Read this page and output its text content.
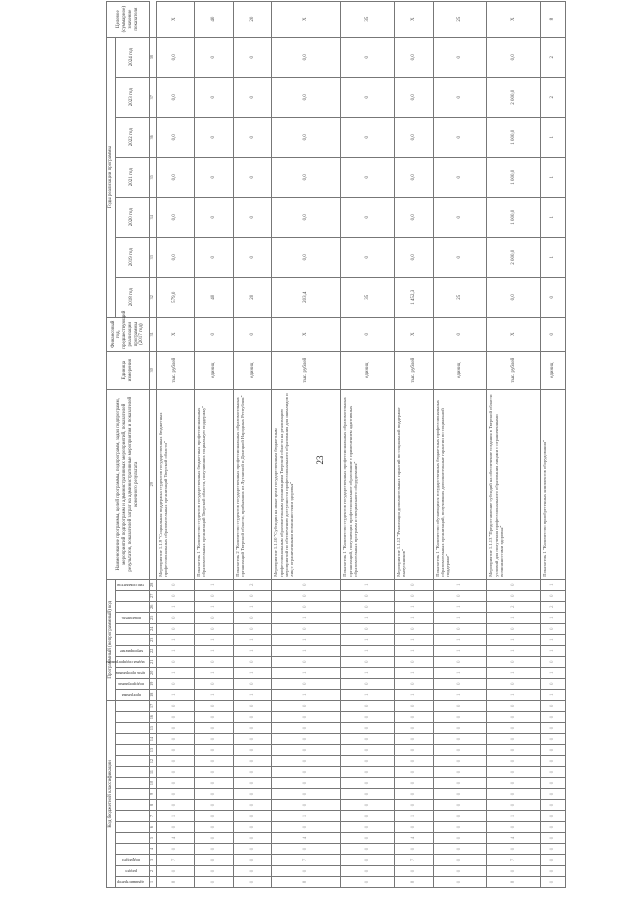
23
Код бюджетной классификации																	Программный (непрограммный) код											Наименование программы, целей программы, подпрограмм, задач подпрограмм, мероприятий подпрограмм и административных мероприятий, показателей результатов, показателей затрат на административные мероприятия и показателей конечного результата	Единица измерения	Финансовый год, предшествующий реализации программы (2017 год)	Годы реализации программы							Целевое (суммарное) значение показателя
администратор	раздел	подраздел															программа	подпрограмма	цель программы	задача подпрограммы	мероприятие			показатель			тип показателя				2018 год	2019 год	2020 год	2021 год	2022 год	2023 год	2024 год	
1	2	3	4	5	6	7	8	9	10	11	12	13	14	15	16	17	18	19	20	21	22	23	24	25	26	27	28	29	30	31	32	33	34	35	36	37	38	
8	0	7	0	4	0	1	0	0	0	0	0	0	0	0	0	0	1	0	1	0	1	1	0	0	1	0	0	Мероприятие 1.1.9 "Социальная поддержка студентов государственных бюджетных профессиональных образовательных организаций Тверской области"	тыс. рублей	X	579,0	0,0	0,0	0,0	0,0	0,0	0,0	X
0	0	0	0	0	0	0	0	0	0	0	0	0	0	0	0	0	1	0	1	0	1	1	0	0	1	0	1	Показатель 1 "Количество студентов государственных бюджетных профессиональных образовательных организаций Тверской области, получивших социальную поддержку"	единиц	0	40	0	0	0	0	0	0	40
0	0	0	0	0	0	0	0	0	0	0	0	0	0	0	0	0	1	0	1	0	1	1	0	0	1	0	2	Показатель 2 "Количество студентов государственных профессиональных образовательных организаций Тверской области, прибывших из Луганской и Донецкой Народных Республик"	единиц	0	20	0	0	0	0	0	0	20
8	0	7	0	4	0	1	0	0	0	0	0	0	0	0	0	0	1	0	1	0	1	1	0	1	0	0	0	Мероприятие 1.1.10 "Субсидии на иные цели государственным бюджетным профессиональным образовательным организациям Тверской области на реализацию мероприятий по обеспечению доступности профессионального образования для инвалидов и лиц с ограниченными возможностями здоровья"	тыс. рублей	X	203,4	0,0	0,0	0,0	0,0	0,0	0,0	X
0	0	0	0	0	0	0	0	0	0	0	0	0	0	0	0	0	1	0	1	0	1	1	0	1	0	0	1	Показатель 1 "Количество студентов государственных профессиональных образовательных организаций, получающих профессиональное образование с применением адаптивных образовательных программ и специального оборудования"	единиц	0	35	0	0	0	0	0	0	35
8	0	7	0	4	0	1	0	0	0	0	0	0	0	0	0	0	1	0	1	0	1	1	0	1	1	0	0	Мероприятие 1.1.12 "Реализация дополнительных гарантий по социальной поддержке выпускников"	тыс. рублей	X	1 452,3	0,0	0,0	0,0	0,0	0,0	0,0	X
0	0	0	0	0	0	0	0	0	0	0	0	0	0	0	0	0	1	0	1	0	1	1	0	1	1	0	1	Показатель 1 "Количество обучающихся государственных бюджетных профессиональных образовательных организаций, получивших дополнительные гарантии по социальной поддержке"	единиц	0	25	0	0	0	0	0	0	25
8	0	7	0	4	0	1	0	0	0	0	0	0	0	0	0	0	1	0	1	0	1	1	0	1	2	0	0	Мероприятие 1.1.13 "Предоставление субсидий на обеспечение создания в Тверской области условий для получения профессионального образования лицами с ограниченными возможностями здоровья"	тыс. рублей	X	0,0	2 000,0	1 000,0	1 000,0	1 000,0	2 000,0	0,0	X
0	0	0	0	0	0	0	0	0	0	0	0	0	0	0	0	0	1	0	1	0	1	1	0	1	2	0	1	Показатель 1 "Количество приобретенных комплектов оборудования"	единиц	0	0	1	1	1	1	2	2	8
